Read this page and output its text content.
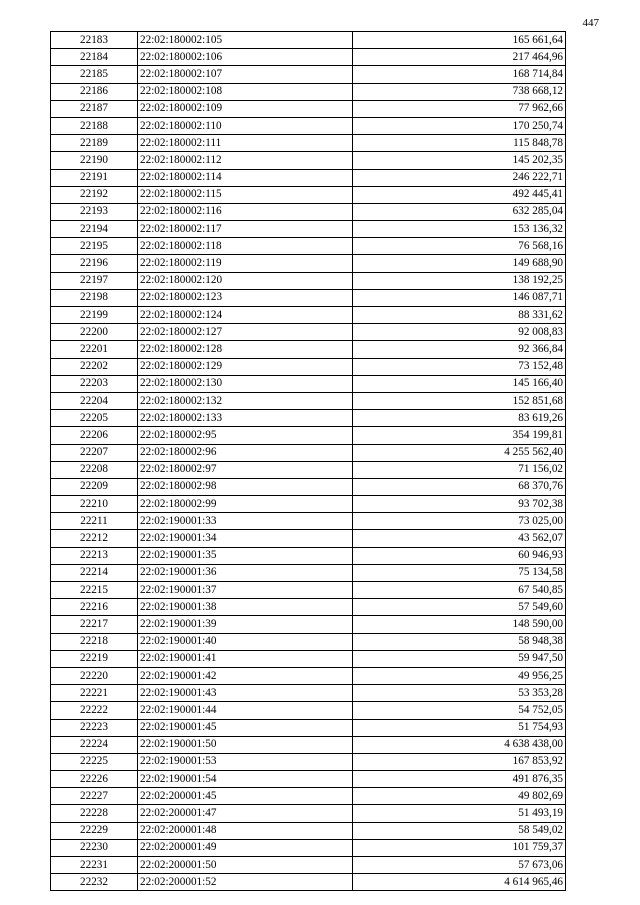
447
22183	22:02:180002:105	165 661,64
22184	22:02:180002:106	217 464,96
22185	22:02:180002:107	168 714,84
22186	22:02:180002:108	738 668,12
22187	22:02:180002:109	77 962,66
22188	22:02:180002:110	170 250,74
22189	22:02:180002:111	115 848,78
22190	22:02:180002:112	145 202,35
22191	22:02:180002:114	246 222,71
22192	22:02:180002:115	492 445,41
22193	22:02:180002:116	632 285,04
22194	22:02:180002:117	153 136,32
22195	22:02:180002:118	76 568,16
22196	22:02:180002:119	149 688,90
22197	22:02:180002:120	138 192,25
22198	22:02:180002:123	146 087,71
22199	22:02:180002:124	88 331,62
22200	22:02:180002:127	92 008,83
22201	22:02:180002:128	92 366,84
22202	22:02:180002:129	73 152,48
22203	22:02:180002:130	145 166,40
22204	22:02:180002:132	152 851,68
22205	22:02:180002:133	83 619,26
22206	22:02:180002:95	354 199,81
22207	22:02:180002:96	4 255 562,40
22208	22:02:180002:97	71 156,02
22209	22:02:180002:98	68 370,76
22210	22:02:180002:99	93 702,38
22211	22:02:190001:33	73 025,00
22212	22:02:190001:34	43 562,07
22213	22:02:190001:35	60 946,93
22214	22:02:190001:36	75 134,58
22215	22:02:190001:37	67 540,85
22216	22:02:190001:38	57 549,60
22217	22:02:190001:39	148 590,00
22218	22:02:190001:40	58 948,38
22219	22:02:190001:41	59 947,50
22220	22:02:190001:42	49 956,25
22221	22:02:190001:43	53 353,28
22222	22:02:190001:44	54 752,05
22223	22:02:190001:45	51 754,93
22224	22:02:190001:50	4 638 438,00
22225	22:02:190001:53	167 853,92
22226	22:02:190001:54	491 876,35
22227	22:02:200001:45	49 802,69
22228	22:02:200001:47	51 493,19
22229	22:02:200001:48	58 549,02
22230	22:02:200001:49	101 759,37
22231	22:02:200001:50	57 673,06
22232	22:02:200001:52	4 614 965,46
